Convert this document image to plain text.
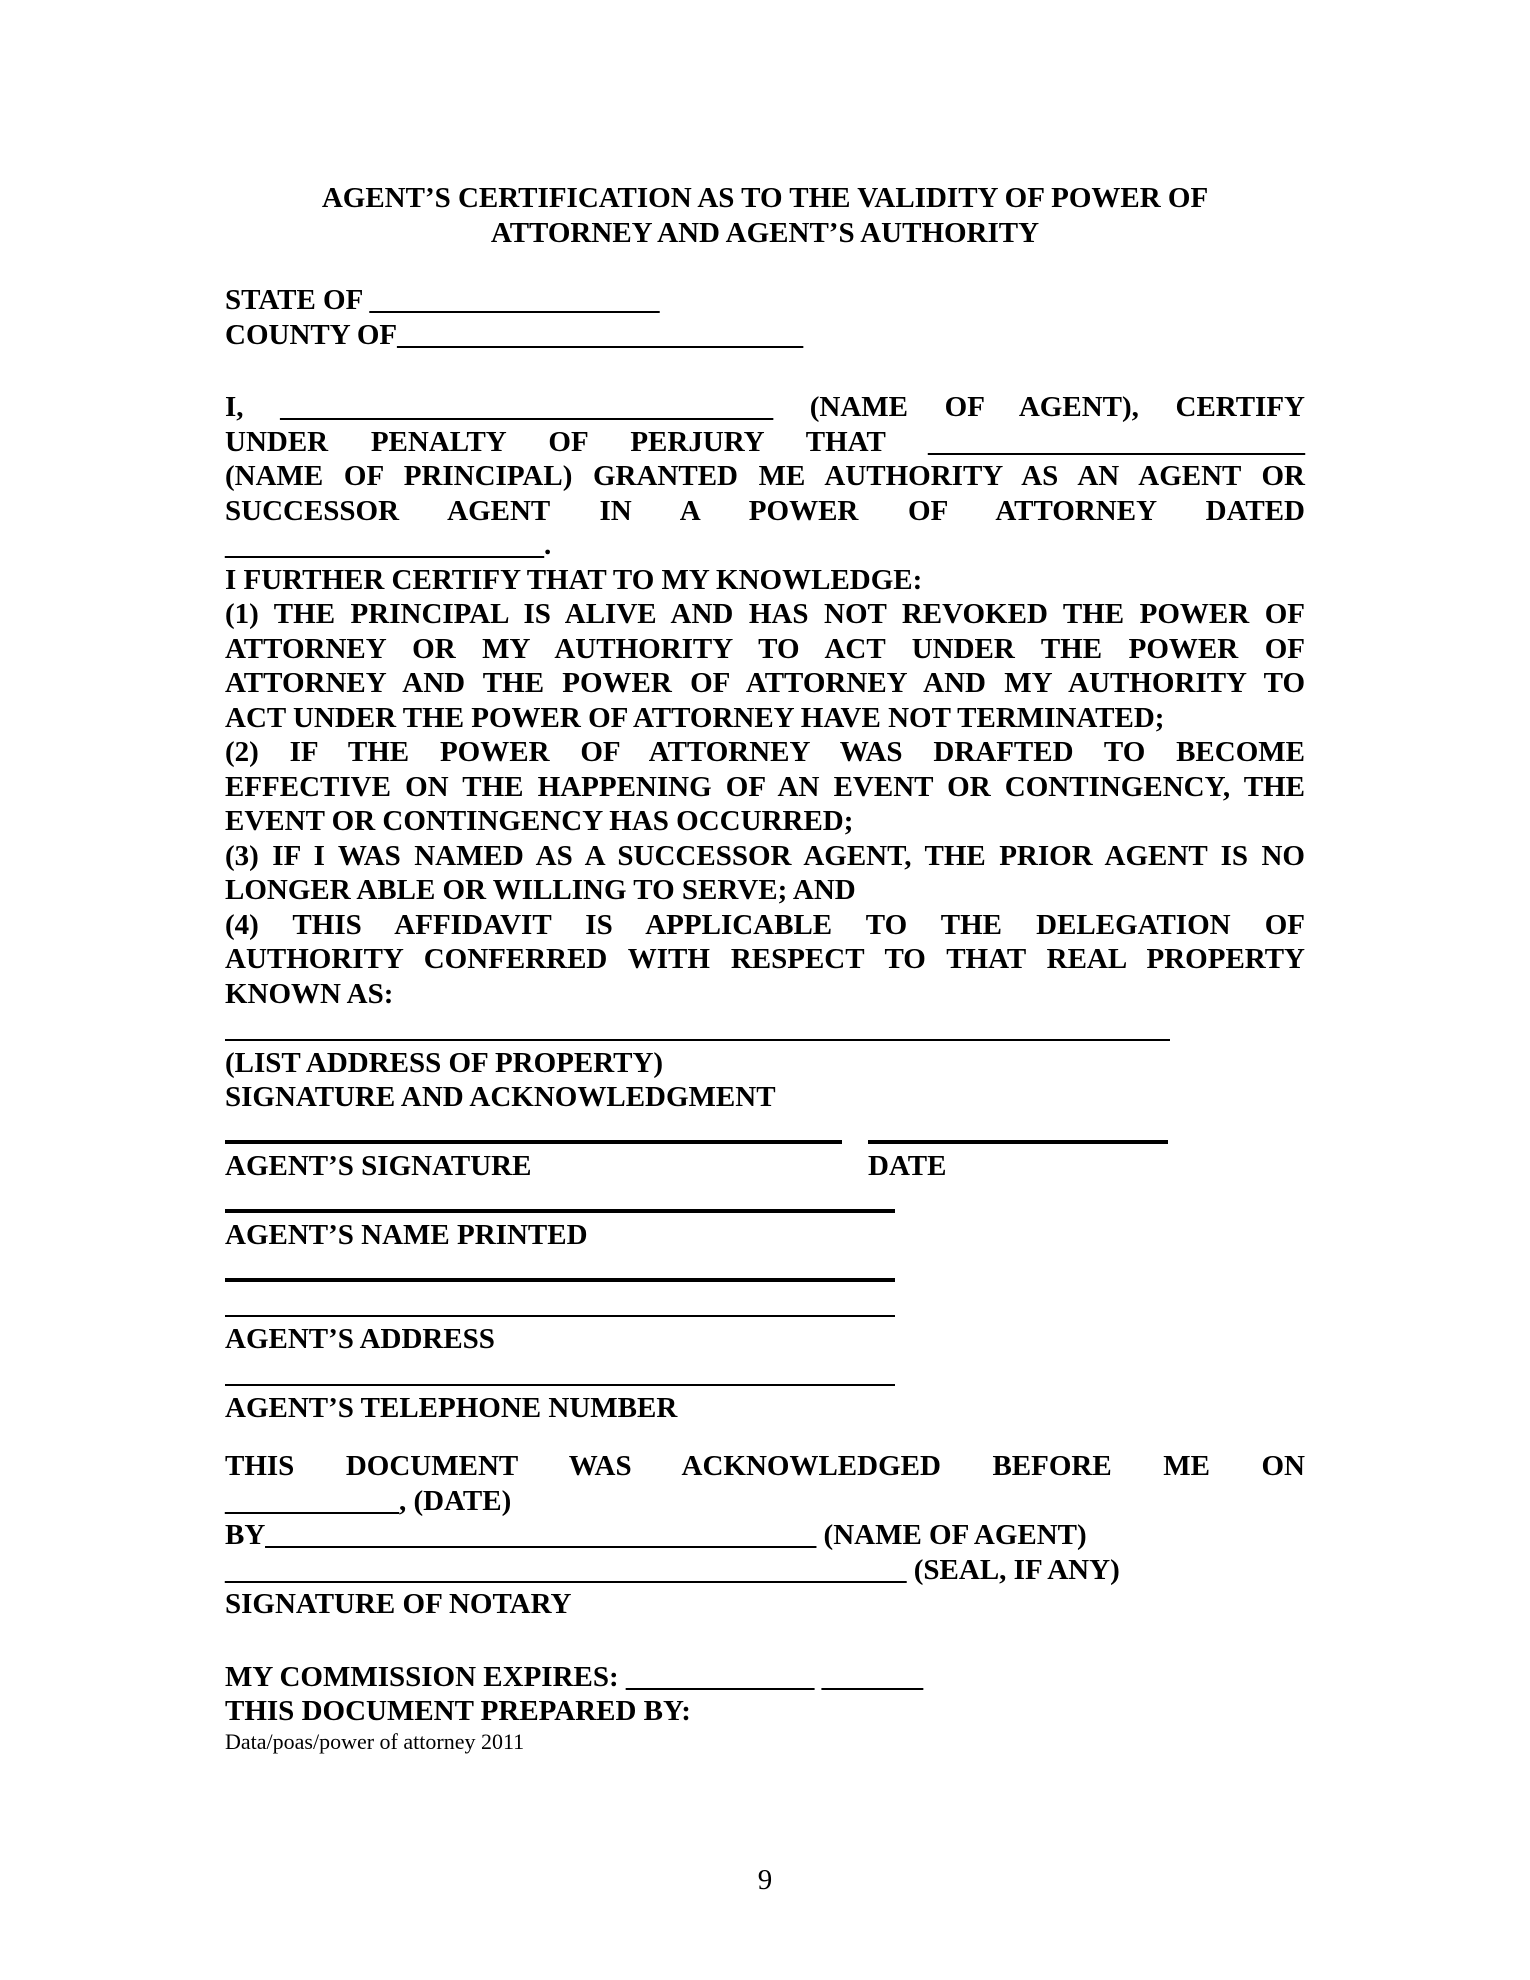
AGENT’S CERTIFICATION AS TO THE VALIDITY OF POWER OF
ATTORNEY AND AGENT’S AUTHORITY
STATE OF ____________________
COUNTY OF____________________________
I, __________________________________ (NAME OF AGENT), CERTIFY
UNDER PENALTY OF PERJURY THAT __________________________
(NAME OF PRINCIPAL) GRANTED ME AUTHORITY AS AN AGENT OR
SUCCESSOR AGENT IN A POWER OF ATTORNEY DATED
______________________.
I FURTHER CERTIFY THAT TO MY KNOWLEDGE:
(1) THE PRINCIPAL IS ALIVE AND HAS NOT REVOKED THE POWER OF
ATTORNEY OR MY AUTHORITY TO ACT UNDER THE POWER OF
ATTORNEY AND THE POWER OF ATTORNEY AND MY AUTHORITY TO
ACT UNDER THE POWER OF ATTORNEY HAVE NOT TERMINATED;
(2) IF THE POWER OF ATTORNEY WAS DRAFTED TO BECOME
EFFECTIVE ON THE HAPPENING OF AN EVENT OR CONTINGENCY, THE
EVENT OR CONTINGENCY HAS OCCURRED;
(3) IF I WAS NAMED AS A SUCCESSOR AGENT, THE PRIOR AGENT IS NO
LONGER ABLE OR WILLING TO SERVE; AND
(4) THIS AFFIDAVIT IS APPLICABLE TO THE DELEGATION OF
AUTHORITY CONFERRED WITH RESPECT TO THAT REAL PROPERTY
KNOWN AS:
(LIST ADDRESS OF PROPERTY)
SIGNATURE AND ACKNOWLEDGMENT
AGENT’S SIGNATURE	DATE
AGENT’S NAME PRINTED
AGENT’S ADDRESS
AGENT’S TELEPHONE NUMBER
THIS DOCUMENT WAS ACKNOWLEDGED BEFORE ME ON
____________, (DATE)
BY______________________________________ (NAME OF AGENT)
_______________________________________________ (SEAL, IF ANY)
SIGNATURE OF NOTARY
MY COMMISSION EXPIRES: _____________ _______
THIS DOCUMENT PREPARED BY:
Data/poas/power of attorney 2011
9
